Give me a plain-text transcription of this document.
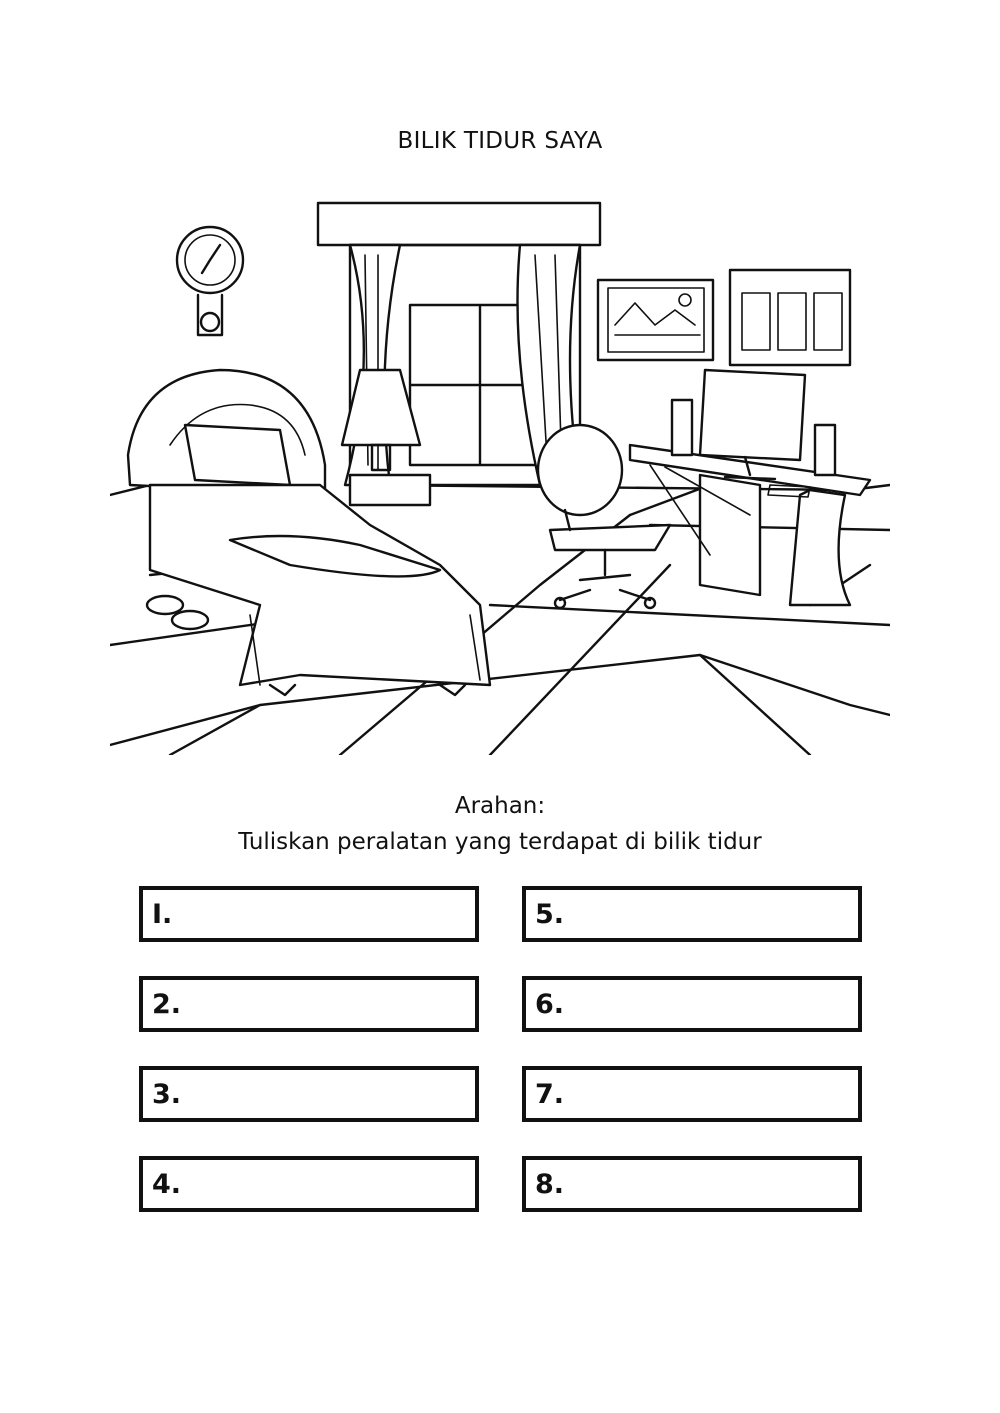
BILIK TIDUR SAYA
Arahan:
Tuliskan peralatan yang terdapat di bilik tidur
I.
2.
3.
4.
5.
6.
7.
8.
